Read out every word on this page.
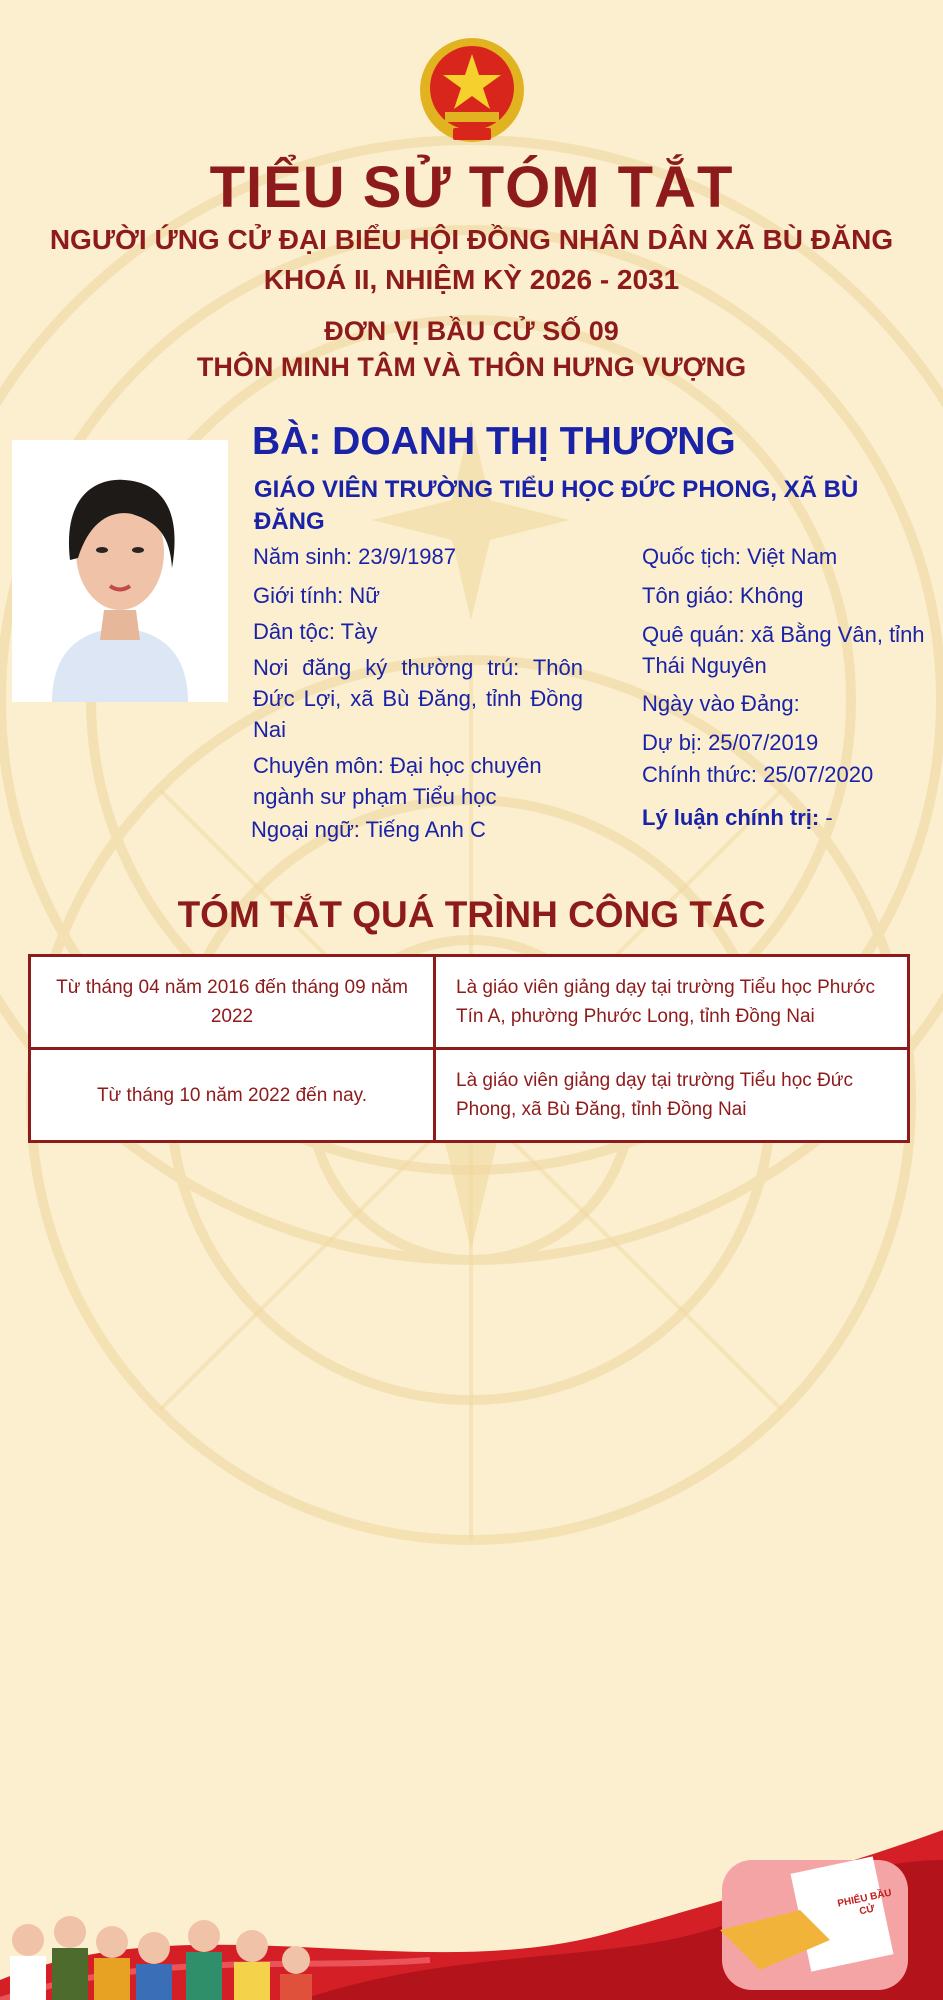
TIỂU SỬ TÓM TẮT
NGƯỜI ỨNG CỬ ĐẠI BIỂU HỘI ĐỒNG NHÂN DÂN XÃ BÙ ĐĂNG
KHOÁ II, NHIỆM KỲ 2026 - 2031
ĐƠN VỊ BẦU CỬ SỐ 09
THÔN MINH TÂM VÀ THÔN HƯNG VƯỢNG
BÀ: DOANH THỊ THƯƠNG
GIÁO VIÊN TRƯỜNG TIỂU HỌC ĐỨC PHONG, XÃ BÙ ĐĂNG
Năm sinh: 23/9/1987
Giới tính: Nữ
Dân tộc: Tày
Nơi đăng ký thường trú: Thôn Đức Lợi, xã Bù Đăng, tỉnh Đồng Nai
Chuyên môn: Đại học chuyên ngành sư phạm Tiểu học
Ngoại ngữ: Tiếng Anh C
Quốc tịch: Việt Nam
Tôn giáo: Không
Quê quán: xã Bằng Vân, tỉnh Thái Nguyên
Ngày vào Đảng:
Dự bị: 25/07/2019
Chính thức: 25/07/2020
Lý luận chính trị: -
TÓM TẮT QUÁ TRÌNH CÔNG TÁC
Từ tháng 04 năm 2016 đến tháng 09 năm 2022	Là giáo viên giảng dạy tại trường Tiểu học Phước Tín A, phường Phước Long, tỉnh Đồng Nai
Từ tháng 10 năm 2022 đến nay.	Là giáo viên giảng dạy tại trường Tiểu học Đức Phong, xã Bù Đăng, tỉnh Đồng Nai
PHIẾU BẦU CỬ
